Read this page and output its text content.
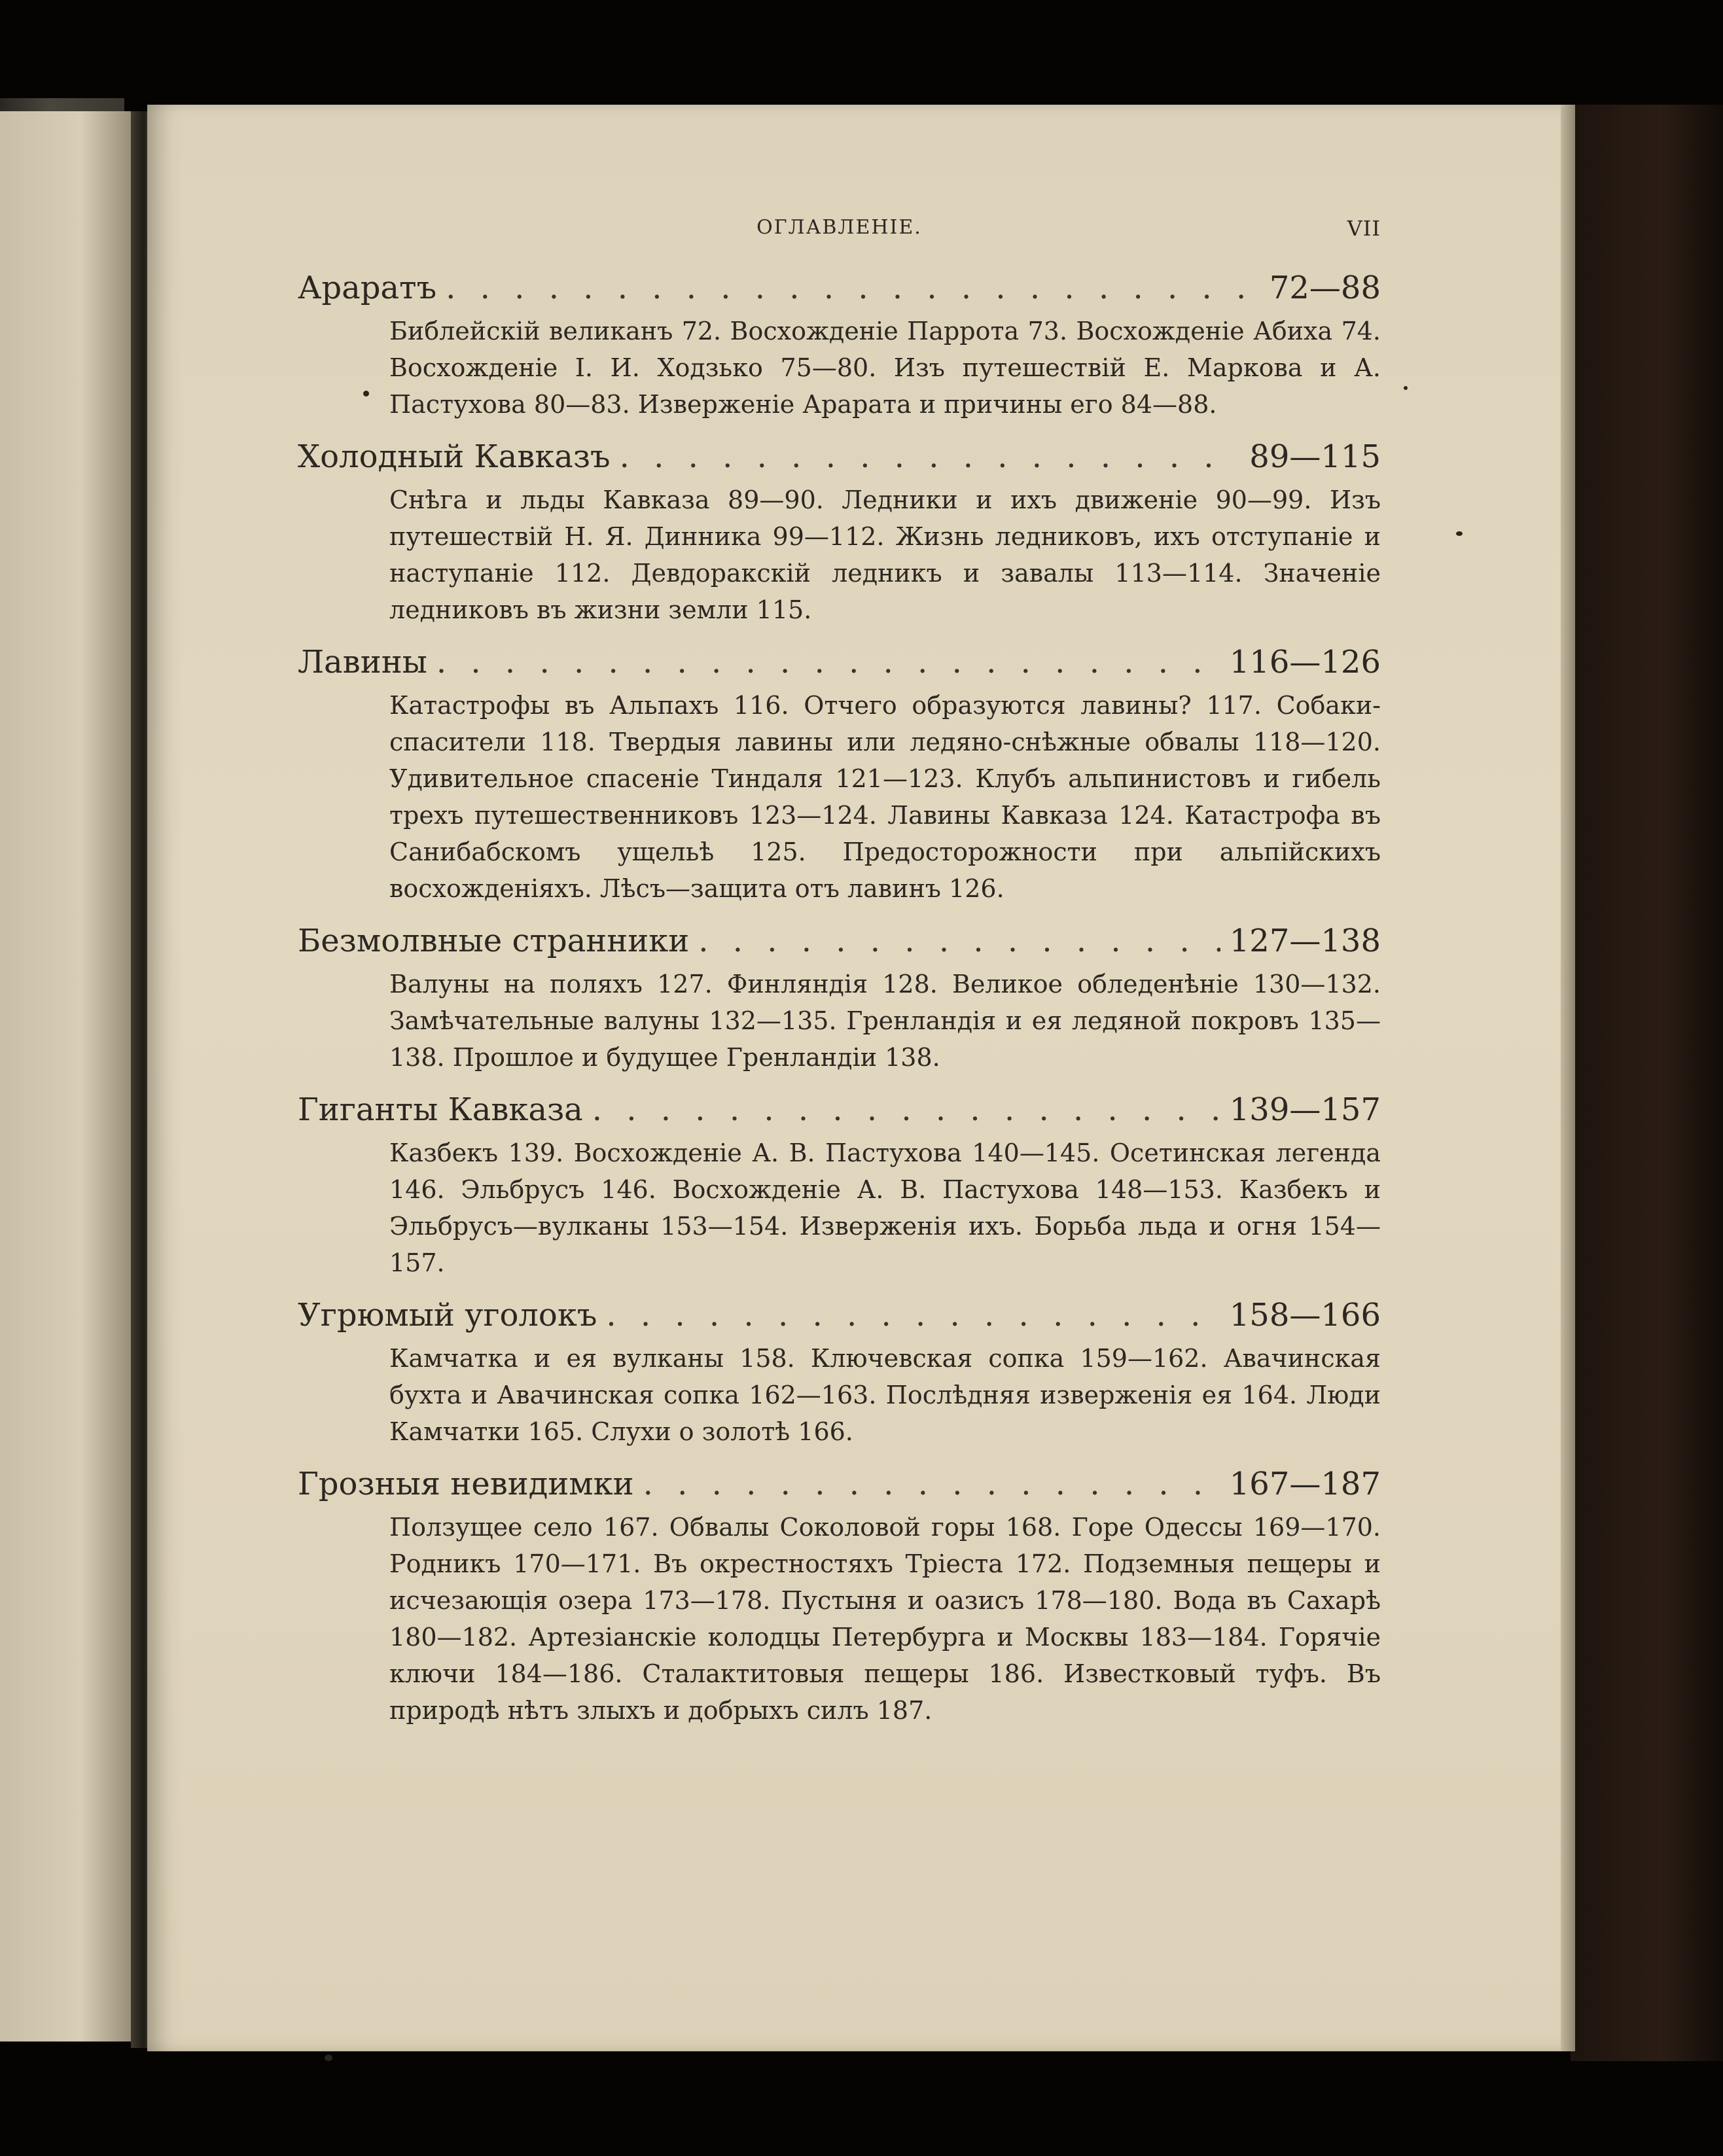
ОГЛАВЛЕНІЕ.	VII
Араратъ . . .	72—88

Библейскій великанъ 72. Восхожденіе Паррота 73. Восхожденіе Абиха 74. Восхожденіе І. И. Ходзько 75—80. Изъ путешествій Е. Маркова и А. Пастухова 80—83. Изверженіе Арарата и причины его 84—88.

Холодный Кавказъ . . .	89—115

Снѣга и льды Кавказа 89—90. Ледники и ихъ движеніе 90—99. Изъ путешествій Н. Я. Динника 99—112. Жизнь ледниковъ, ихъ отступаніе и наступаніе 112. Девдоракскій ледникъ и завалы 113—114. Значеніе ледниковъ въ жизни земли 115.

Лавины . . .	116—126

Катастрофы въ Альпахъ 116. Отчего образуются лавины? 117. Собаки-спасители 118. Твердыя лавины или ледяно-снѣжные обвалы 118—120. Удивительное спасеніе Тиндаля 121—123. Клубъ альпинистовъ и гибель трехъ путешественниковъ 123—124. Лавины Кавказа 124. Катастрофа въ Санибабскомъ ущельѣ 125. Предосторожности при альпійскихъ восхожденіяхъ. Лѣсъ—защита отъ лавинъ 126.

Безмолвные странники . . .	127—138

Валуны на поляхъ 127. Финляндія 128. Великое обледенѣніе 130—132. Замѣчательные валуны 132—135. Гренландія и ея ледяной покровъ 135—138. Прошлое и будущее Гренландіи 138.

Гиганты Кавказа . . .	139—157

Казбекъ 139. Восхожденіе А. В. Пастухова 140—145. Осетинская легенда 146. Эльбрусъ 146. Восхожденіе А. В. Пастухова 148—153. Казбекъ и Эльбрусъ—вулканы 153—154. Изверженія ихъ. Борьба льда и огня 154—157.

Угрюмый уголокъ . . .	158—166

Камчатка и ея вулканы 158. Ключевская сопка 159—162. Авачинская бухта и Авачинская сопка 162—163. Послѣдняя изверженія ея 164. Люди Камчатки 165. Слухи о золотѣ 166.

Грозныя невидимки . . .	167—187

Ползущее село 167. Обвалы Соколовой горы 168. Горе Одессы 169—170. Родникъ 170—171. Въ окрестностяхъ Тріеста 172. Подземныя пещеры и исчезающія озера 173—178. Пустыня и оазисъ 178—180. Вода въ Сахарѣ 180—182. Артезіанскіе колодцы Петербурга и Москвы 183—184. Горячіе ключи 184—186. Сталактитовыя пещеры 186. Известковый туфъ. Въ природѣ нѣтъ злыхъ и добрыхъ силъ 187.
